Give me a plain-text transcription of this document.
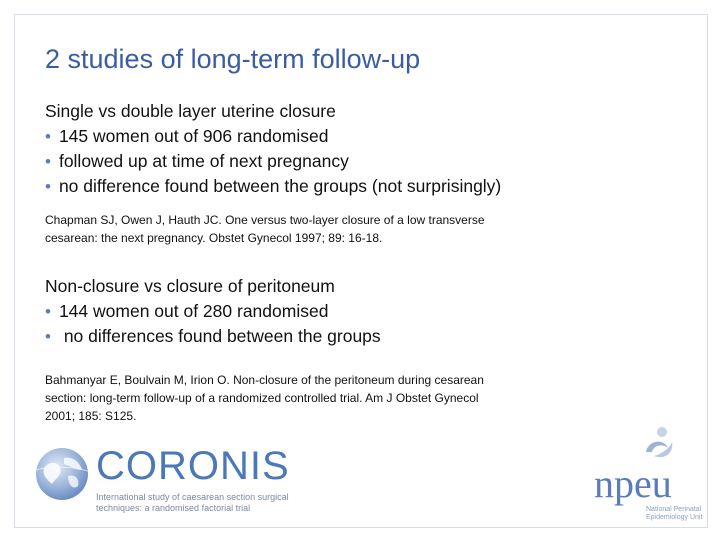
2 studies of long-term follow-up
Single vs double layer uterine closure
• 145 women out of 906 randomised
• followed up at time of next pregnancy
• no difference found between the groups (not surprisingly)
Chapman SJ, Owen J, Hauth JC. One versus two-layer closure of a low transverse
cesarean: the next pregnancy. Obstet Gynecol 1997; 89: 16-18.
Non-closure vs closure of peritoneum
• 144 women out of 280 randomised
• no differences found between the groups
Bahmanyar E, Boulvain M, Irion O. Non-closure of the peritoneum during cesarean
section: long-term follow-up of a randomized controlled trial. Am J Obstet Gynecol
2001; 185: S125.
CORONIS
International study of caesarean section surgical
techniques: a randomised factorial trial
npeu
National Perinatal
Epidemiology Unit
